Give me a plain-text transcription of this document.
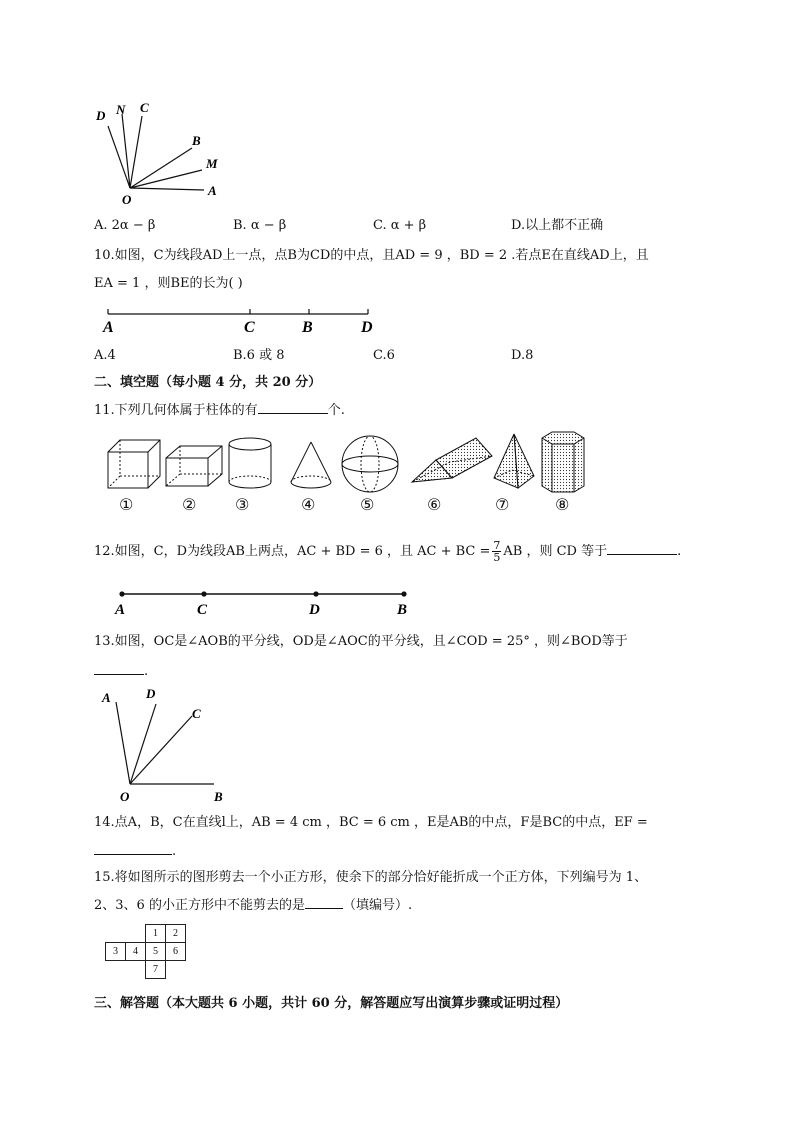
D N C
B
M
O
A
A. 2α − β	B. α − β	C. α + β	D.以上都不正确
10.如图，C为线段AD上一点，点B为CD的中点，且AD = 9 ，BD = 2 .若点E在直线AD上，且
EA = 1 ，则BE的长为( )
A	C	B	D
A.4	B.6 或 8	C.6	D.8
二、填空题（每小题 4 分，共 20 分）
11.下列几何体属于柱体的有	个.
①	② ③	④	⑤	⑥	⑦	⑧
12.如图，C，D为线段AB上两点，AC + BD = 6 ，且 AC + BC = $\frac{7}{5}$ AB ，则 CD 等于	.
A	C	D	B
13.如图，OC是∠AOB的平分线，OD是∠AOC的平分线，且∠COD = 25° ，则∠BOD等于
.
A	D
C
O	B
14.点A，B，C在直线l上，AB = 4 cm ，BC = 6 cm ，E是AB的中点，F是BC的中点，EF =
.
15.将如图所示的图形剪去一个小正方形，使余下的部分恰好能折成一个正方体，下列编号为 1、
2、3、6 的小正方形中不能剪去的是	（填编号）.
		1	2
3	4	5	6
		7	
三、解答题（本大题共 6 小题，共计 60 分，解答题应写出演算步骤或证明过程）
